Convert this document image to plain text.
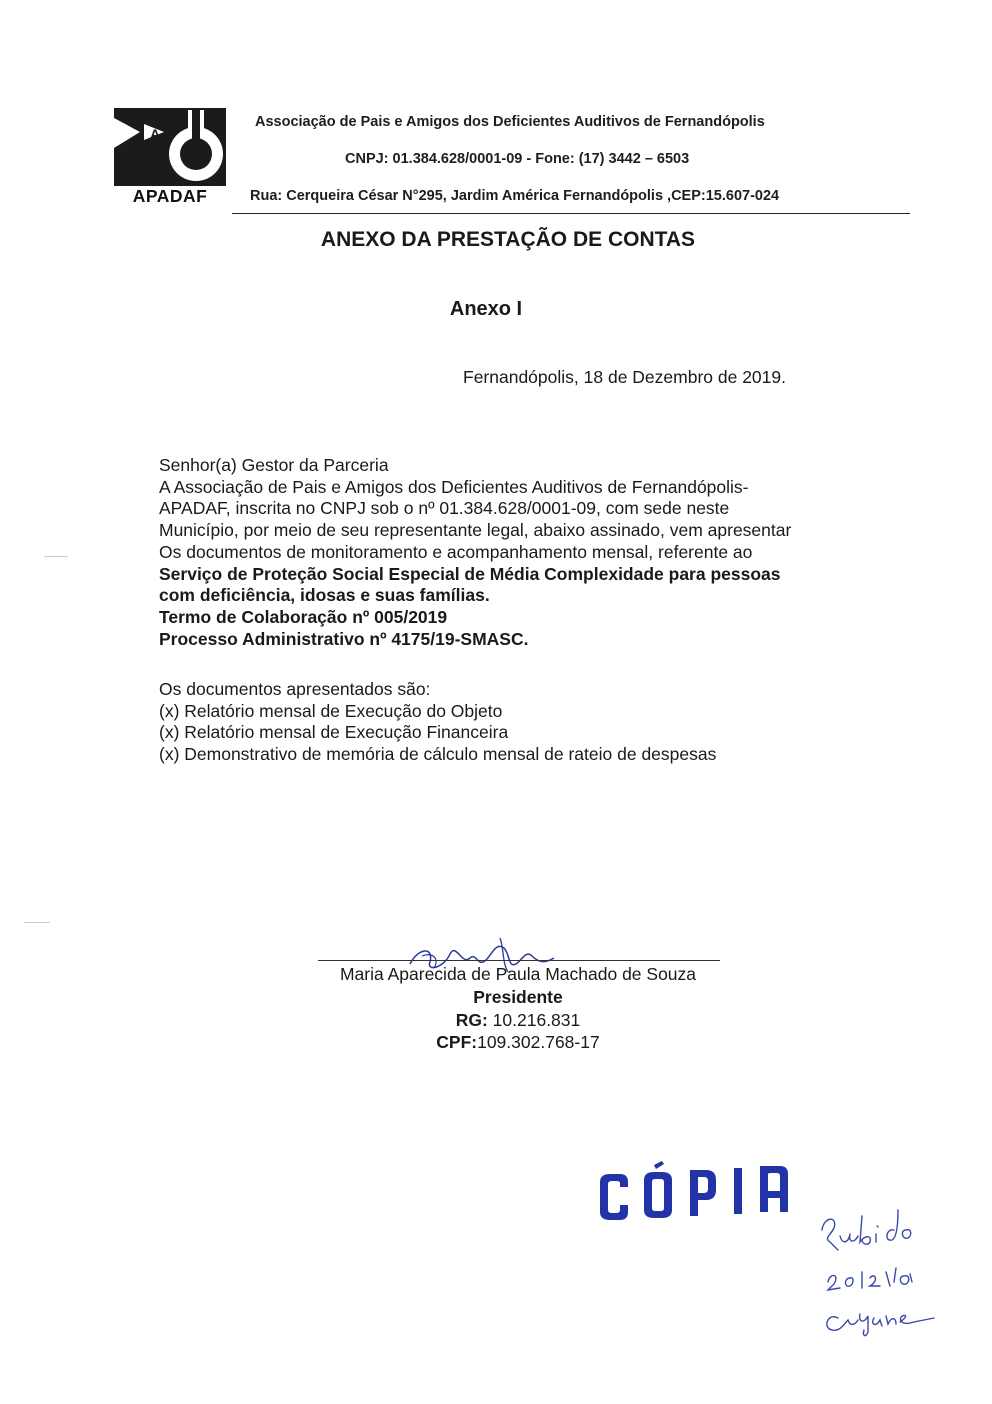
A
APADAF
Associação de Pais e Amigos dos Deficientes Auditivos de Fernandópolis
CNPJ: 01.384.628/0001-09 - Fone: (17) 3442 – 6503
Rua: Cerqueira César N°295, Jardim América Fernandópolis ,CEP:15.607-024
ANEXO DA PRESTAÇÃO DE CONTAS
Anexo I
Fernandópolis, 18 de Dezembro de 2019.
Senhor(a) Gestor da Parceria
A Associação de Pais e Amigos dos Deficientes Auditivos de Fernandópolis-
APADAF, inscrita no CNPJ sob o nº 01.384.628/0001-09, com sede neste
Município, por meio de seu representante legal, abaixo assinado, vem apresentar
Os documentos de monitoramento e acompanhamento mensal, referente ao
Serviço de Proteção Social Especial de Média Complexidade para pessoas
com deficiência, idosas e suas famílias.
Termo de Colaboração nº 005/2019
Processo Administrativo nº 4175/19-SMASC.
Os documentos apresentados são:
(x) Relatório mensal de Execução do Objeto
(x) Relatório mensal de Execução Financeira
(x) Demonstrativo de memória de cálculo mensal de rateio de despesas
Maria Aparecida de Paula Machado de Souza
Presidente
RG: 10.216.831
CPF:109.302.768-17
CÓPIA
Recebido
